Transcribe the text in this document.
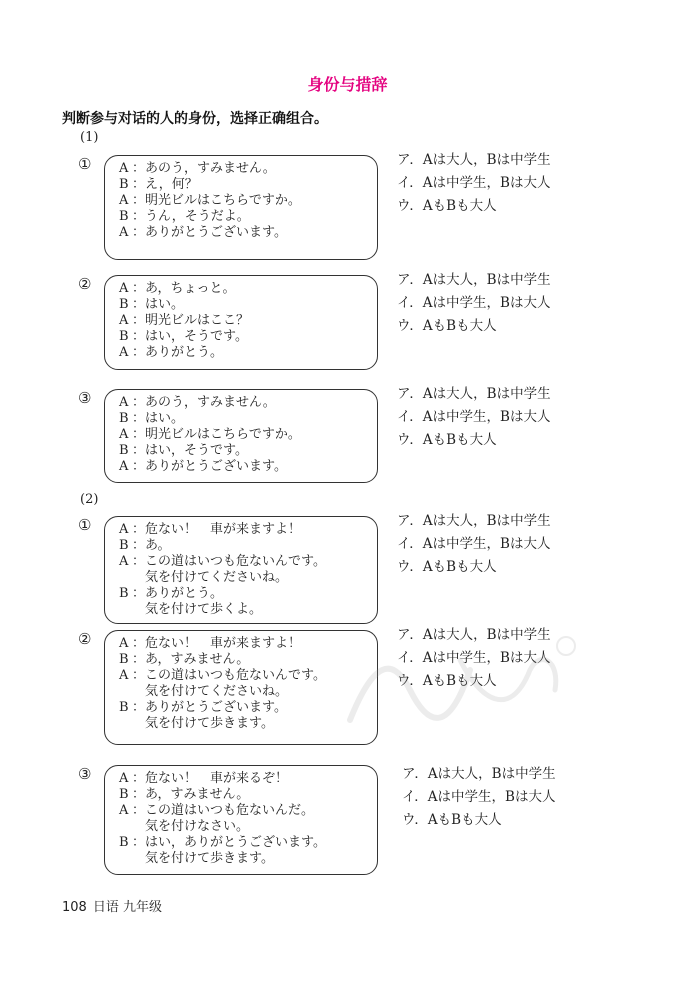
身份与措辞
判断参与对话的人的身份，选择正确组合。
(1)
① A ： あのう，すみません。
B ： え，何？
A ： 明光ビルはこちらですか。
B ： うん，そうだよ。
A ： ありがとうございます。
ア．Aは大人，Bは中学生
イ．Aは中学生，Bは大人
ウ．AもBも大人
② A ： あ，ちょっと。
B ： はい。
A ： 明光ビルはここ？
B ： はい，そうです。
A ： ありがとう。
ア．Aは大人，Bは中学生
イ．Aは中学生，Bは大人
ウ．AもBも大人
③ A ： あのう，すみません。
B ： はい。
A ： 明光ビルはこちらですか。
B ： はい，そうです。
A ： ありがとうございます。
ア．Aは大人，Bは中学生
イ．Aは中学生，Bは大人
ウ．AもBも大人
(2)
① A ： 危ない！　車が来ますよ！
B ： あ。
A ： この道はいつも危ないんです。
気を付けてくださいね。
B ： ありがとう。
気を付けて歩くよ。
ア．Aは大人，Bは中学生
イ．Aは中学生，Bは大人
ウ．AもBも大人
② A ： 危ない！　車が来ますよ！
B ： あ，すみません。
A ： この道はいつも危ないんです。
気を付けてくださいね。
B ： ありがとうございます。
気を付けて歩きます。
ア．Aは大人，Bは中学生
イ．Aは中学生，Bは大人
ウ．AもBも大人
③ A ： 危ない！　車が来るぞ！
B ： あ，すみません。
A ： この道はいつも危ないんだ。
気を付けなさい。
B ： はい，ありがとうございます。
気を付けて歩きます。
ア．Aは大人，Bは中学生
イ．Aは中学生，Bは大人
ウ．AもBも大人
108 日语 九年级
